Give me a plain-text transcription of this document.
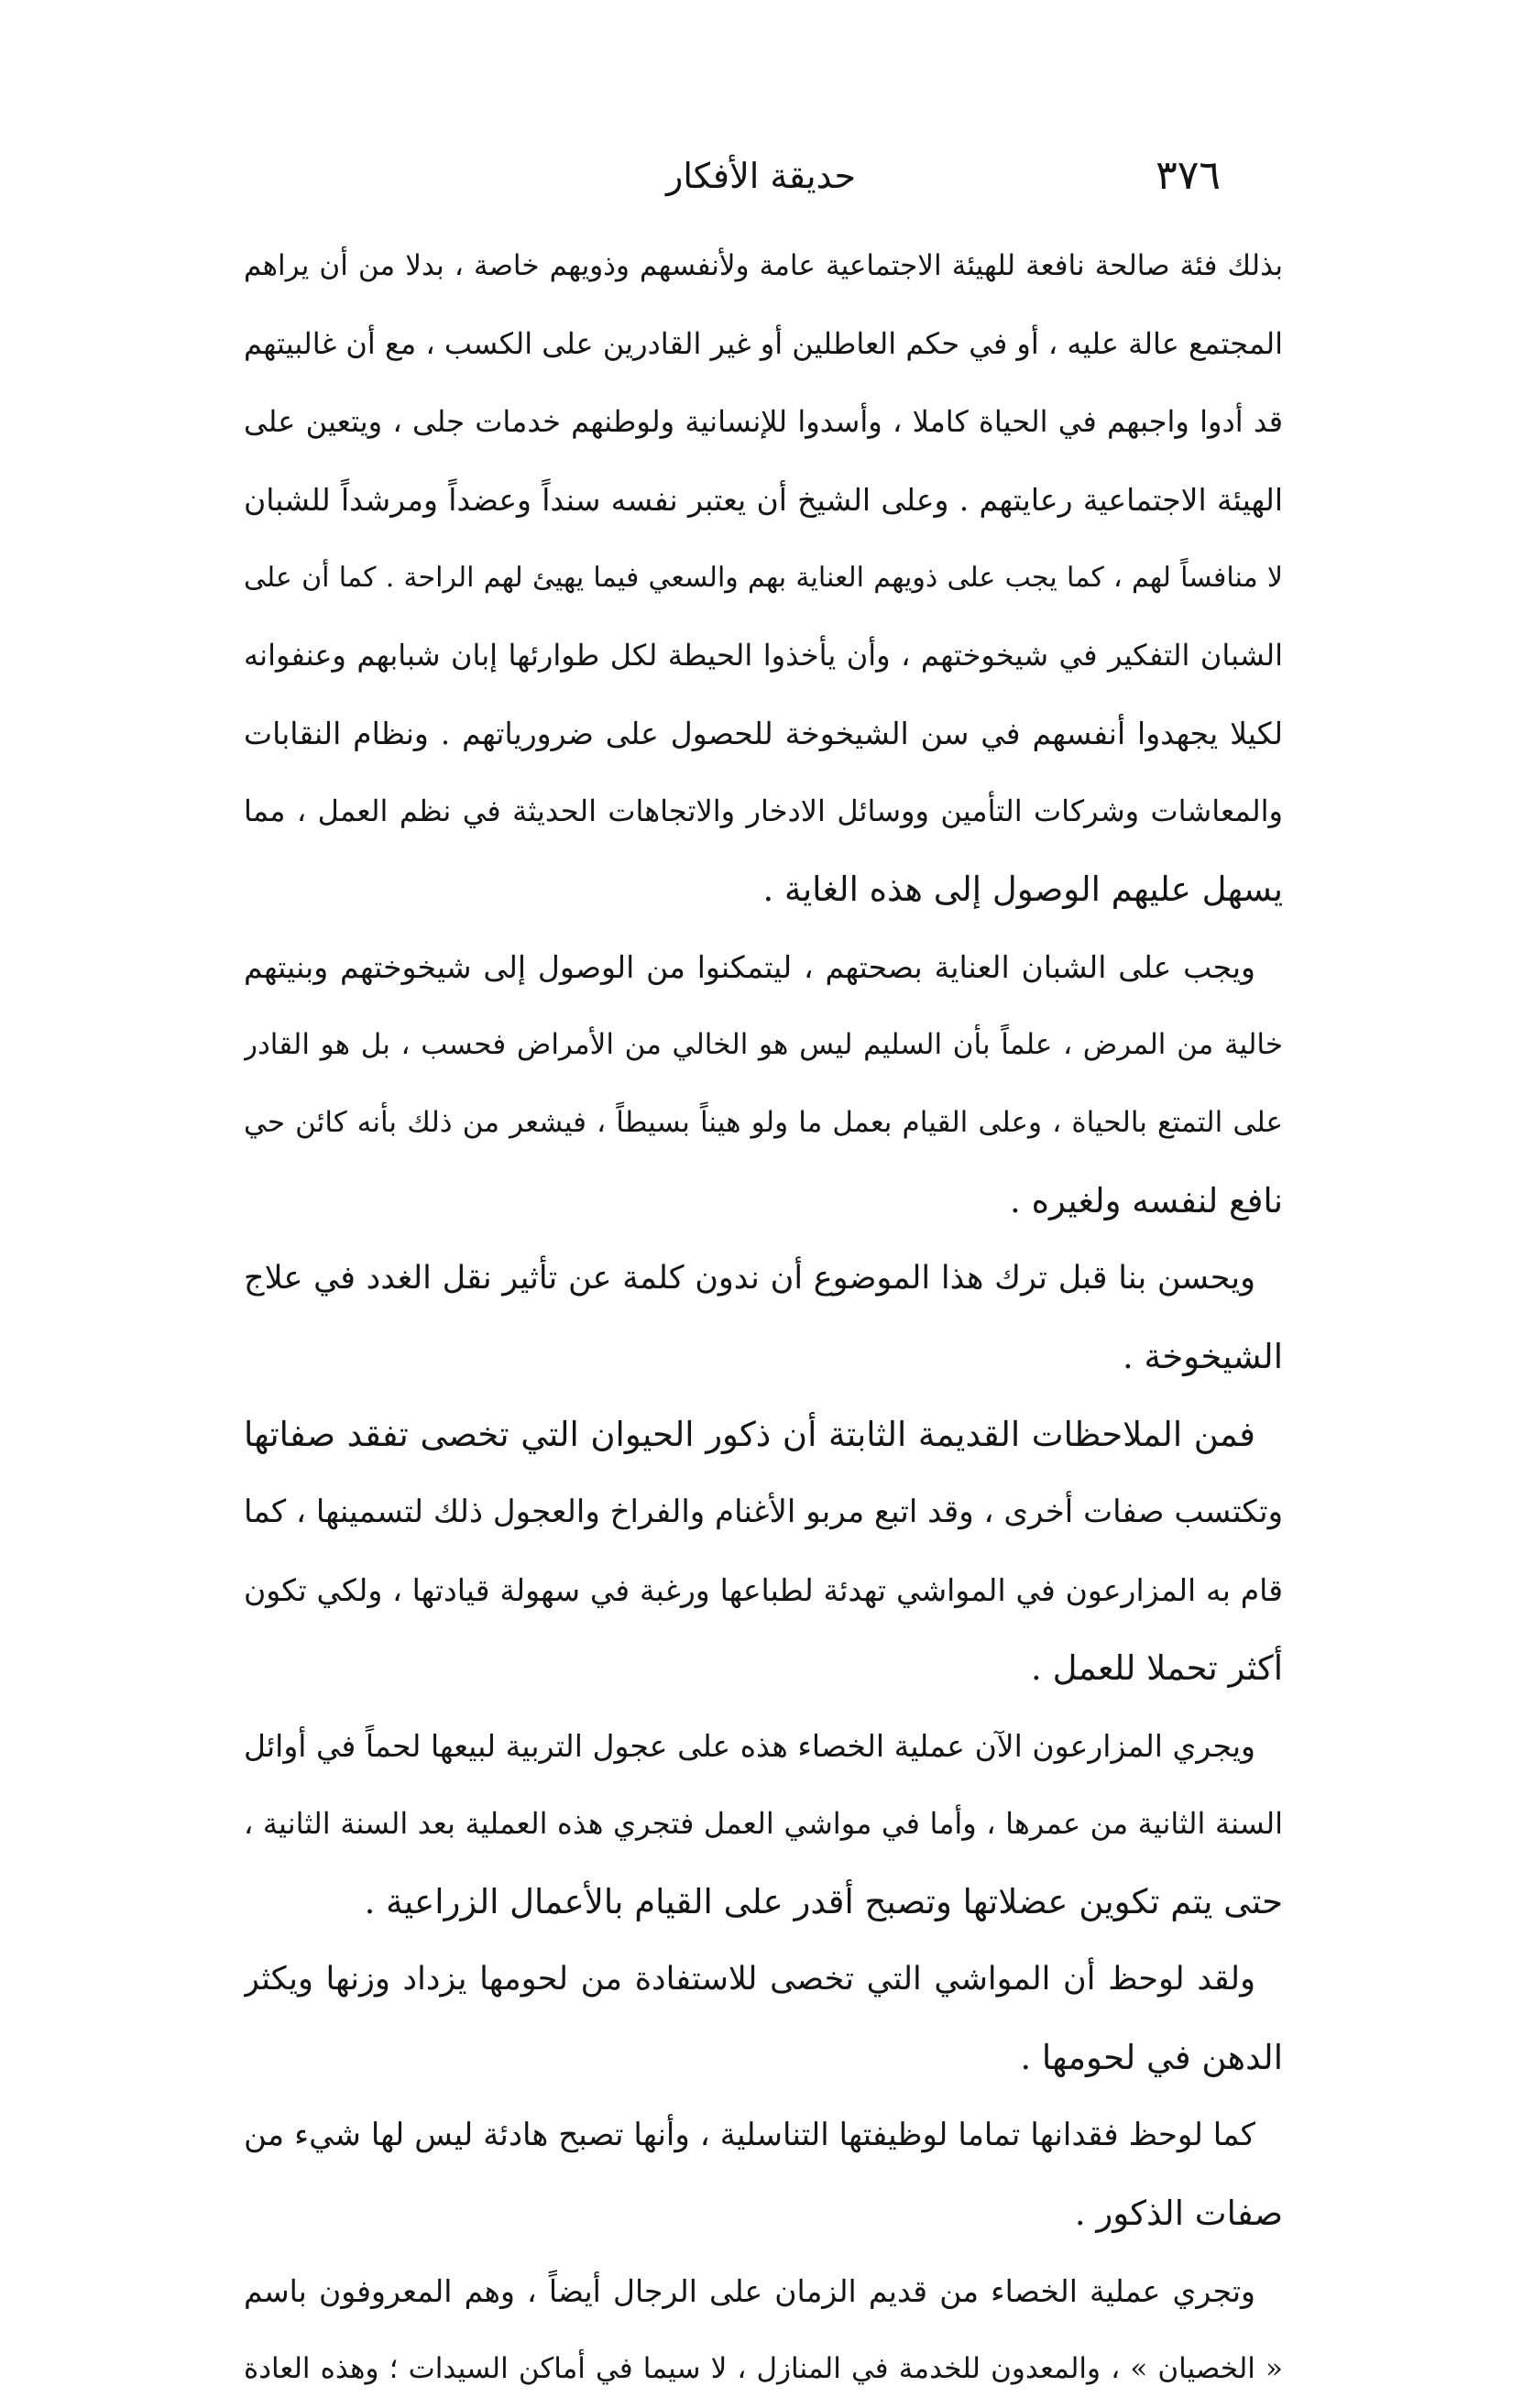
٣٧٦
حديقة الأفكار
بذلك فئة صالحة نافعة للهيئة الاجتماعية عامة ولأنفسهم وذويهم خاصة ، بدلا من أن يراهم
المجتمع عالة عليه ، أو في حكم العاطلين أو غير القادرين على الكسب ، مع أن غالبيتهم
قد أدوا واجبهم في الحياة كاملا ، وأسدوا للإنسانية ولوطنهم خدمات جلى ، ويتعين على
الهيئة الاجتماعية رعايتهم . وعلى الشيخ أن يعتبر نفسه سنداً وعضداً ومرشداً للشبان
لا منافساً لهم ، كما يجب على ذويهم العناية بهم والسعي فيما يهيئ لهم الراحة . كما أن على
الشبان التفكير في شيخوختهم ، وأن يأخذوا الحيطة لكل طوارئها إبان شبابهم وعنفوانه
لكيلا يجهدوا أنفسهم في سن الشيخوخة للحصول على ضرورياتهم . ونظام النقابات
والمعاشات وشركات التأمين ووسائل الادخار والاتجاهات الحديثة في نظم العمل ، مما
يسهل عليهم الوصول إلى هذه الغاية .
ويجب على الشبان العناية بصحتهم ، ليتمكنوا من الوصول إلى شيخوختهم وبنيتهم
خالية من المرض ، علماً بأن السليم ليس هو الخالي من الأمراض فحسب ، بل هو القادر
على التمتع بالحياة ، وعلى القيام بعمل ما ولو هيناً بسيطاً ، فيشعر من ذلك بأنه كائن حي
نافع لنفسه ولغيره .
ويحسن بنا قبل ترك هذا الموضوع أن ندون كلمة عن تأثير نقل الغدد في علاج
الشيخوخة .
فمن الملاحظات القديمة الثابتة أن ذكور الحيوان التي تخصى تفقد صفاتها
وتكتسب صفات أخرى ، وقد اتبع مربو الأغنام والفراخ والعجول ذلك لتسمينها ، كما
قام به المزارعون في المواشي تهدئة لطباعها ورغبة في سهولة قيادتها ، ولكي تكون
أكثر تحملا للعمل .
ويجري المزارعون الآن عملية الخصاء هذه على عجول التربية لبيعها لحماً في أوائل
السنة الثانية من عمرها ، وأما في مواشي العمل فتجري هذه العملية بعد السنة الثانية ،
حتى يتم تكوين عضلاتها وتصبح أقدر على القيام بالأعمال الزراعية .
ولقد لوحظ أن المواشي التي تخصى للاستفادة من لحومها يزداد وزنها ويكثر
الدهن في لحومها .
كما لوحظ فقدانها تماما لوظيفتها التناسلية ، وأنها تصبح هادئة ليس لها شيء من
صفات الذكور .
وتجري عملية الخصاء من قديم الزمان على الرجال أيضاً ، وهم المعروفون باسم
« الخصيان » ، والمعدون للخدمة في المنازل ، لا سيما في أماكن السيدات ؛ وهذه العادة
